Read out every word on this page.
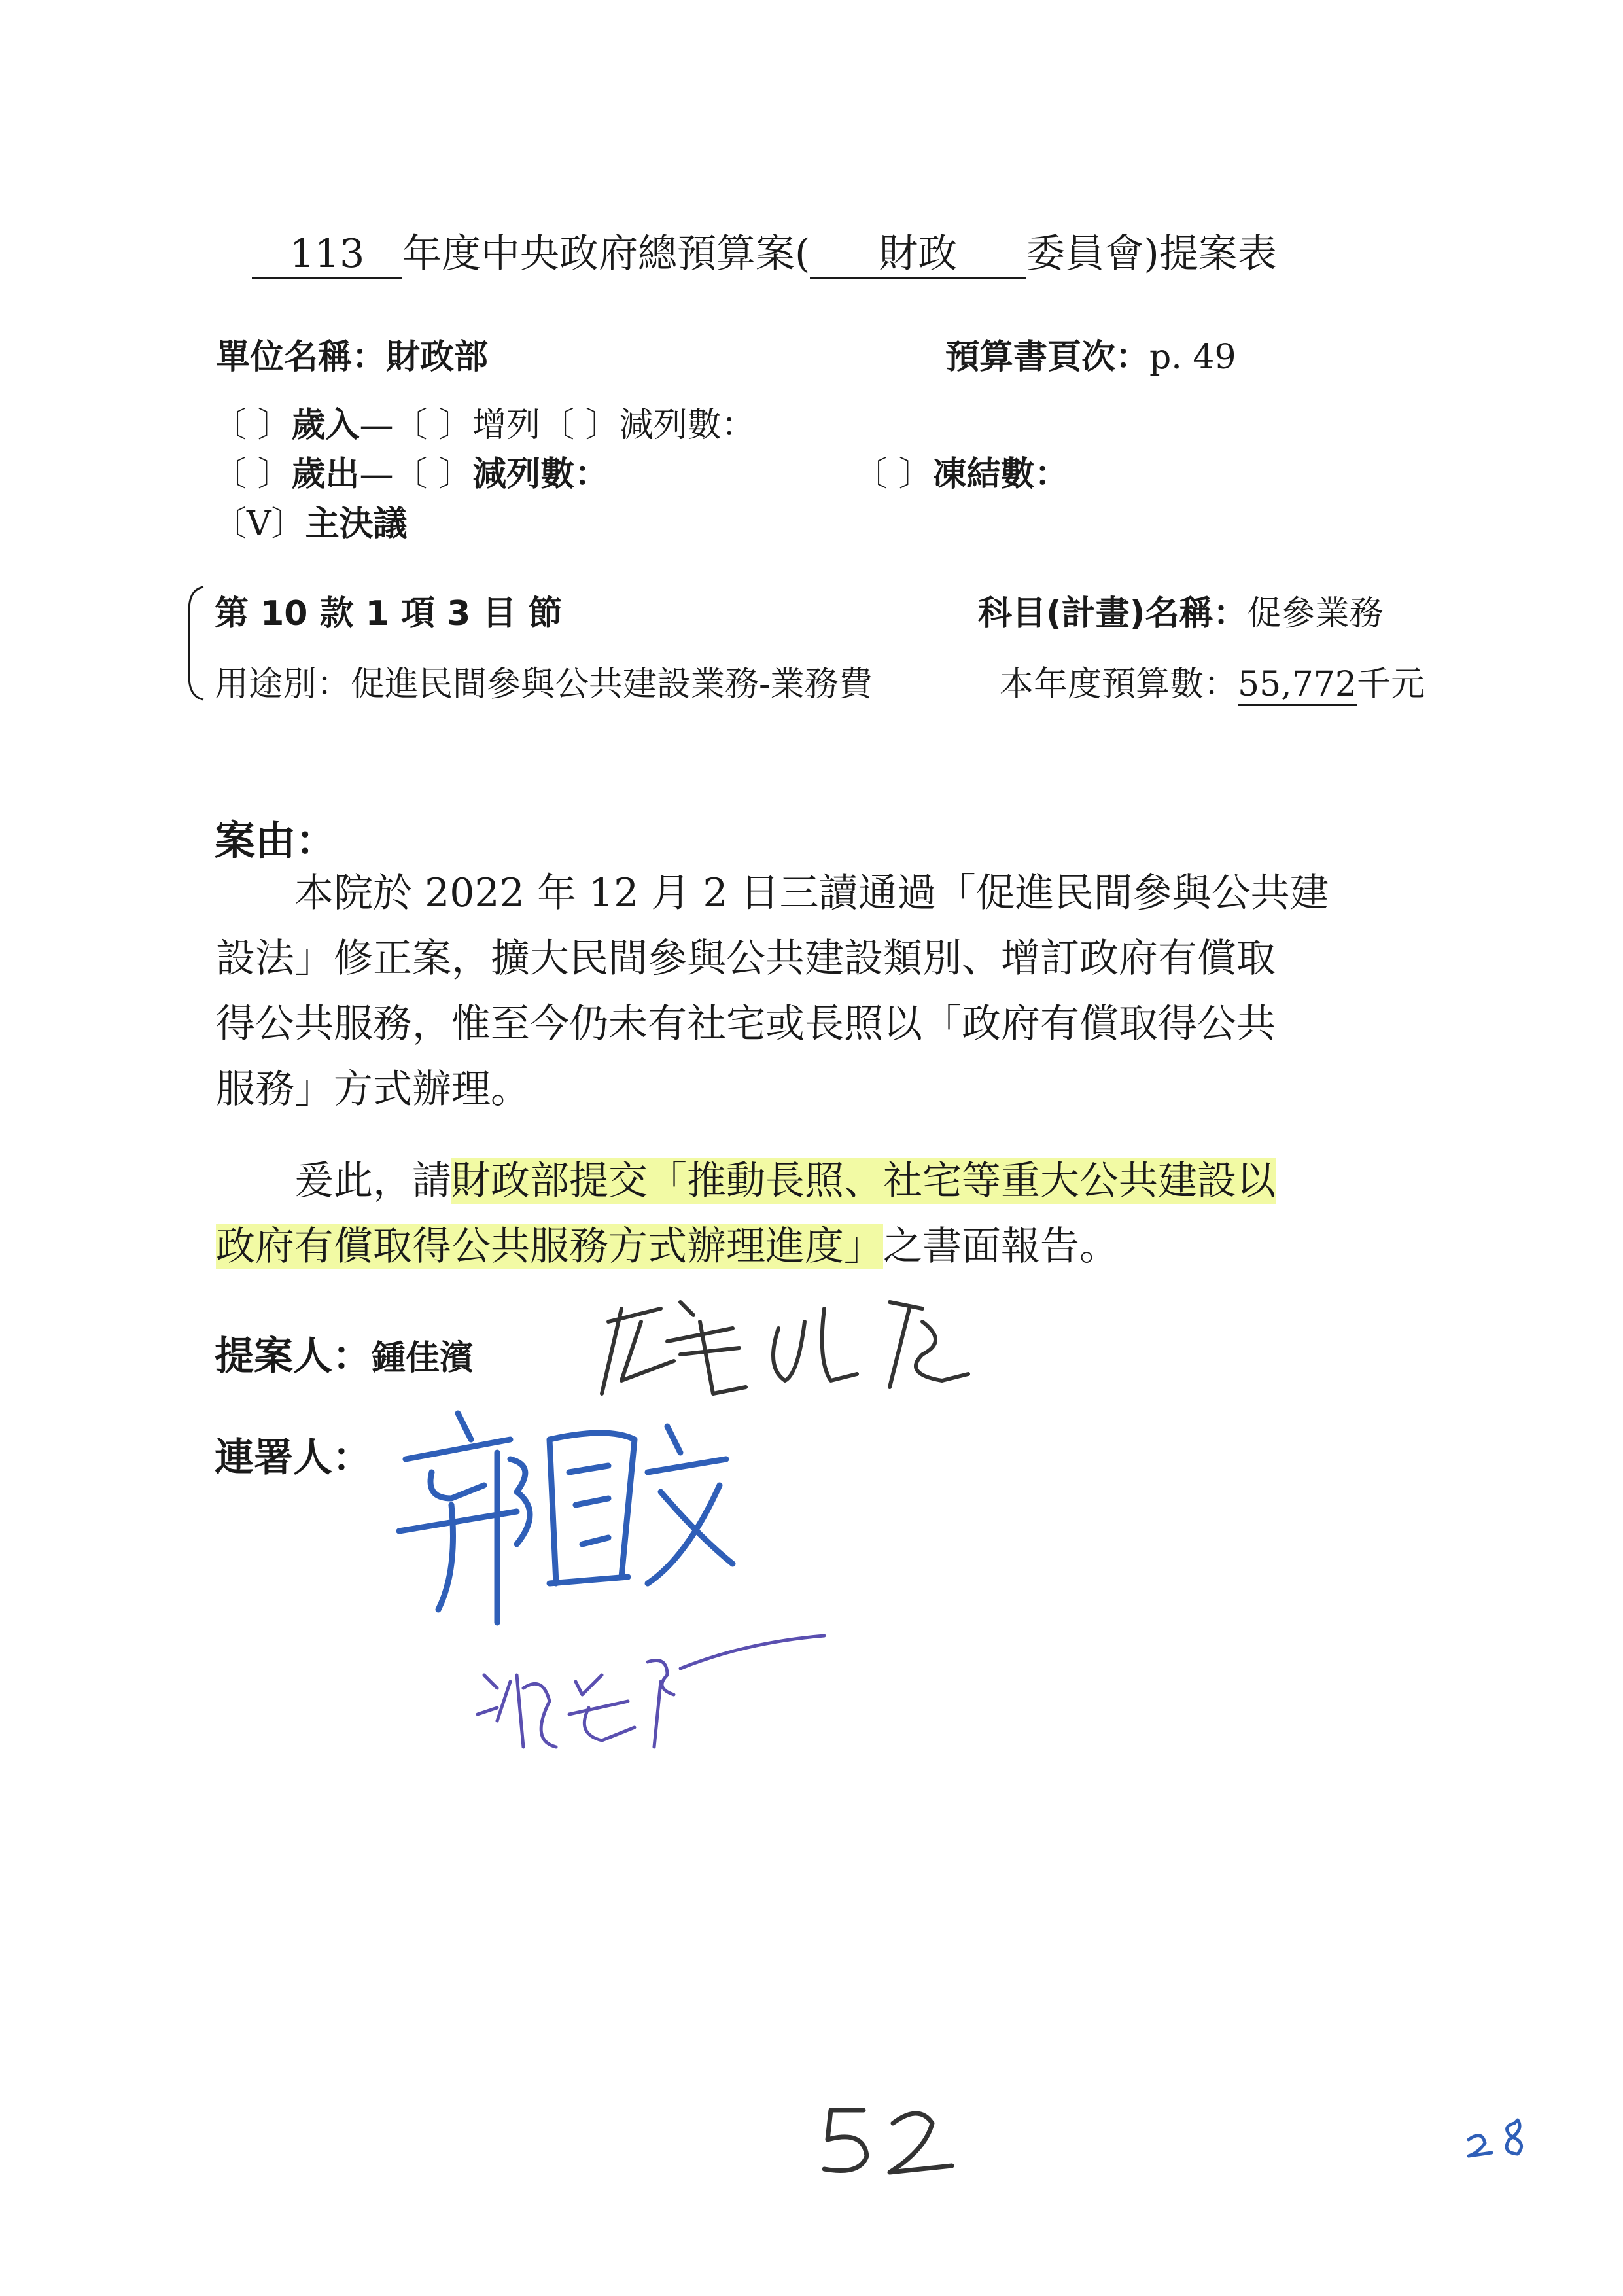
113 年度中央政府總預算案( 財政 委員會)提案表
單位名稱：財政部	預算書頁次：p. 49
〔 〕歲入—〔 〕增列〔 〕減列數：
〔 〕歲出—〔 〕減列數：	〔 〕凍結數：
〔V〕主決議
第 10 款 1 項 3 目 節	科目(計畫)名稱：促參業務
用途別：促進民間參與公共建設業務-業務費	本年度預算數：55,772千元
案由：
本院於 2022 年 12 月 2 日三讀通過「促進民間參與公共建
設法」修正案，擴大民間參與公共建設類別、增訂政府有償取
得公共服務，惟至今仍未有社宅或長照以「政府有償取得公共
服務」方式辦理。
爰此，請財政部提交「推動長照、社宅等重大公共建設以
政府有償取得公共服務方式辦理進度」之書面報告。
提案人：鍾佳濱
連署人：
